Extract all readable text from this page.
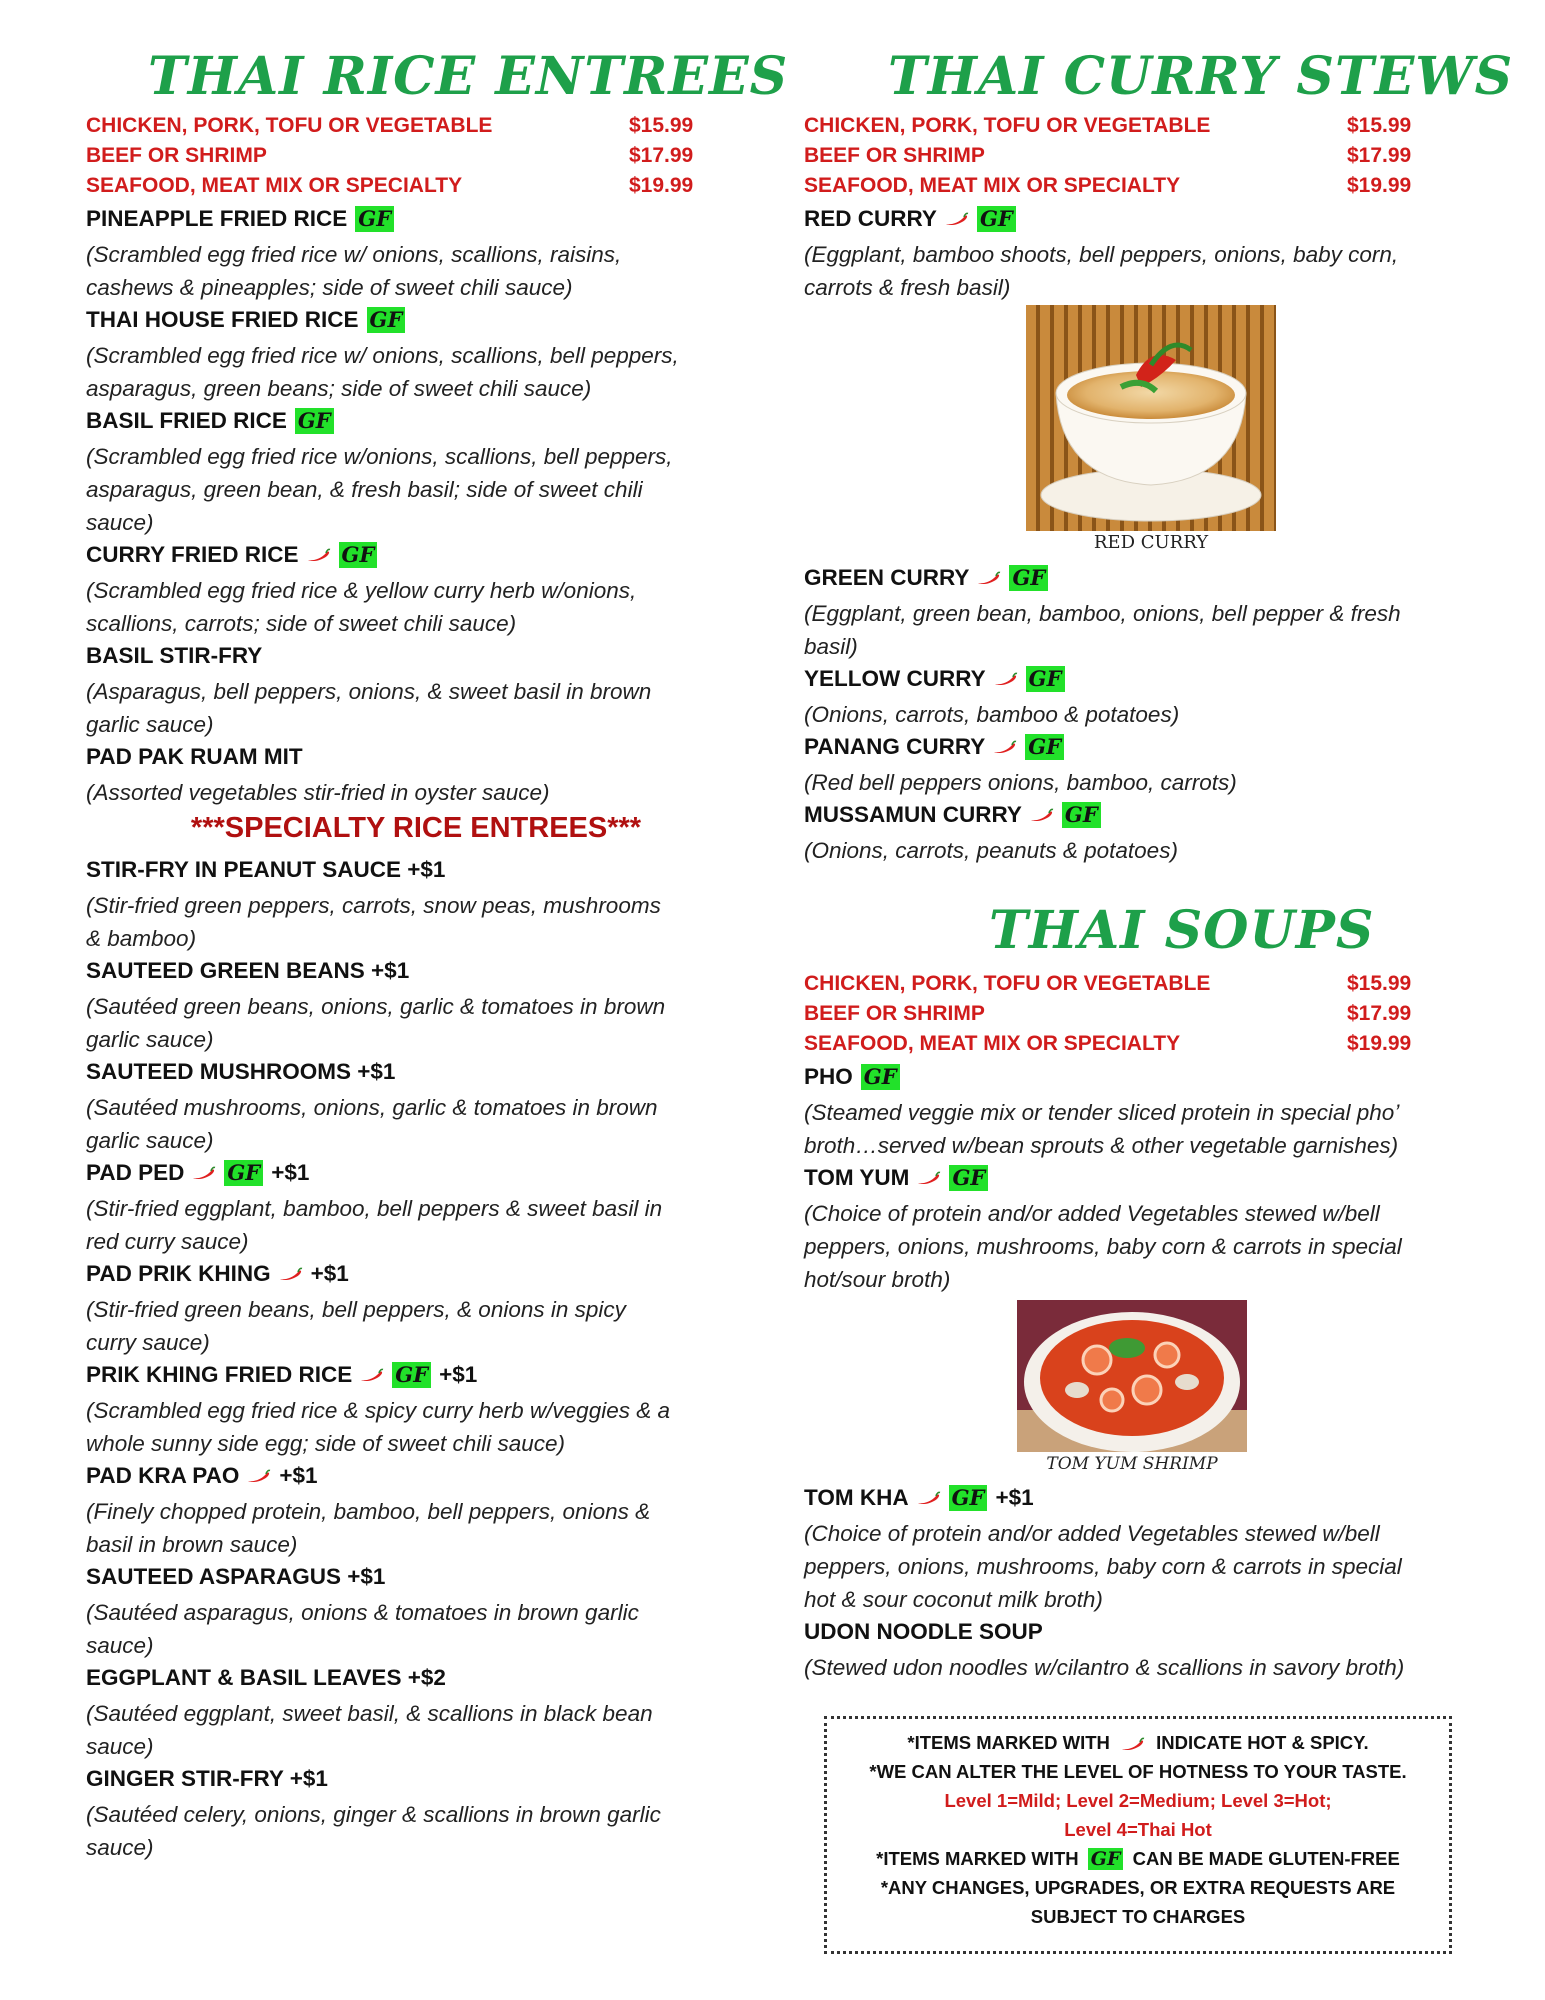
THAI RICE ENTREES
CHICKEN, PORK, TOFU OR VEGETABLE	$15.99
BEEF OR SHRIMP	$17.99
SEAFOOD, MEAT MIX OR SPECIALTY	$19.99
PINEAPPLE FRIED RICE GF
(Scrambled egg fried rice w/ onions, scallions, raisins,
cashews & pineapples; side of sweet chili sauce)
THAI HOUSE FRIED RICE GF
(Scrambled egg fried rice w/ onions, scallions, bell peppers,
asparagus, green beans; side of sweet chili sauce)
BASIL FRIED RICE GF
(Scrambled egg fried rice w/onions, scallions, bell peppers,
asparagus, green bean, & fresh basil; side of sweet chili
sauce)
CURRY FRIED RICE GF
(Scrambled egg fried rice & yellow curry herb w/onions,
scallions, carrots; side of sweet chili sauce)
BASIL STIR-FRY
(Asparagus, bell peppers, onions, & sweet basil in brown
garlic sauce)
PAD PAK RUAM MIT
(Assorted vegetables stir-fried in oyster sauce)
***SPECIALTY RICE ENTREES***
STIR-FRY IN PEANUT SAUCE +$1
(Stir-fried green peppers, carrots, snow peas, mushrooms
& bamboo)
SAUTEED GREEN BEANS +$1
(Sautéed green beans, onions, garlic & tomatoes in brown
garlic sauce)
SAUTEED MUSHROOMS +$1
(Sautéed mushrooms, onions, garlic & tomatoes in brown
garlic sauce)
PAD PED GF +$1
(Stir-fried eggplant, bamboo, bell peppers & sweet basil in
red curry sauce)
PAD PRIK KHING +$1
(Stir-fried green beans, bell peppers, & onions in spicy
curry sauce)
PRIK KHING FRIED RICE GF +$1
(Scrambled egg fried rice & spicy curry herb w/veggies & a
whole sunny side egg; side of sweet chili sauce)
PAD KRA PAO +$1
(Finely chopped protein, bamboo, bell peppers, onions &
basil in brown sauce)
SAUTEED ASPARAGUS +$1
(Sautéed asparagus, onions & tomatoes in brown garlic
sauce)
EGGPLANT & BASIL LEAVES +$2
(Sautéed eggplant, sweet basil, & scallions in black bean
sauce)
GINGER STIR-FRY +$1
(Sautéed celery, onions, ginger & scallions in brown garlic
sauce)
THAI CURRY STEWS
CHICKEN, PORK, TOFU OR VEGETABLE	$15.99
BEEF OR SHRIMP	$17.99
SEAFOOD, MEAT MIX OR SPECIALTY	$19.99
RED CURRY GF
(Eggplant, bamboo shoots, bell peppers, onions, baby corn,
carrots & fresh basil)
RED CURRY
GREEN CURRY GF
(Eggplant, green bean, bamboo, onions, bell pepper & fresh
basil)
YELLOW CURRY GF
(Onions, carrots, bamboo & potatoes)
PANANG CURRY GF
(Red bell peppers onions, bamboo, carrots)
MUSSAMUN CURRY GF
(Onions, carrots, peanuts & potatoes)
THAI SOUPS
CHICKEN, PORK, TOFU OR VEGETABLE	$15.99
BEEF OR SHRIMP	$17.99
SEAFOOD, MEAT MIX OR SPECIALTY	$19.99
PHO GF
(Steamed veggie mix or tender sliced protein in special pho’
broth…served w/bean sprouts & other vegetable garnishes)
TOM YUM GF
(Choice of protein and/or added Vegetables stewed w/bell
peppers, onions, mushrooms, baby corn & carrots in special
hot/sour broth)
TOM YUM SHRIMP
TOM KHA GF +$1
(Choice of protein and/or added Vegetables stewed w/bell
peppers, onions, mushrooms, baby corn & carrots in special
hot & sour coconut milk broth)
UDON NOODLE SOUP
(Stewed udon noodles w/cilantro & scallions in savory broth)
*ITEMS MARKED WITH	INDICATE HOT & SPICY.
*WE CAN ALTER THE LEVEL OF HOTNESS TO YOUR TASTE.
Level 1=Mild; Level 2=Medium; Level 3=Hot;
Level 4=Thai Hot
*ITEMS MARKED WITH GF CAN BE MADE GLUTEN-FREE
*ANY CHANGES, UPGRADES, OR EXTRA REQUESTS ARE
SUBJECT TO CHARGES
